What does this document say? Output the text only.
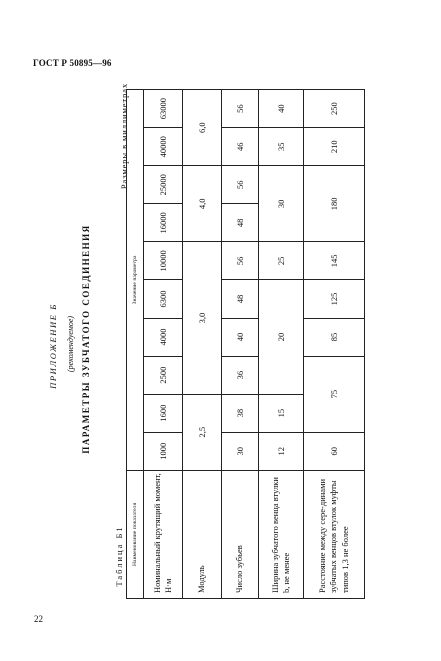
ГОСТ Р 50895—96
ПРИЛОЖЕНИЕ Б (рекомендуемое) ПАРАМЕТРЫ ЗУБЧАТОГО СОЕДИНЕНИЯ
Размеры в миллиметрах
Таблица Б1 Наименование показателя	Значение параметра									
Номинальный крутящий момент, Н·м	1000	1600	2500	4000	6300	10000	16000	25000	40000	63000
Модуль	2,5		3,0				4,0		6,0	
Число зубьев	30	38	36	40	48	56	48	56	46	56
Ширина зубчатого венца втулки b, не менее	12	15	20			25	30		35	40
Расстояние между сере-динами зубчатых венцов втулок муфты типов 1,3 не более	60	75		85	125	145	180		210	250
22
